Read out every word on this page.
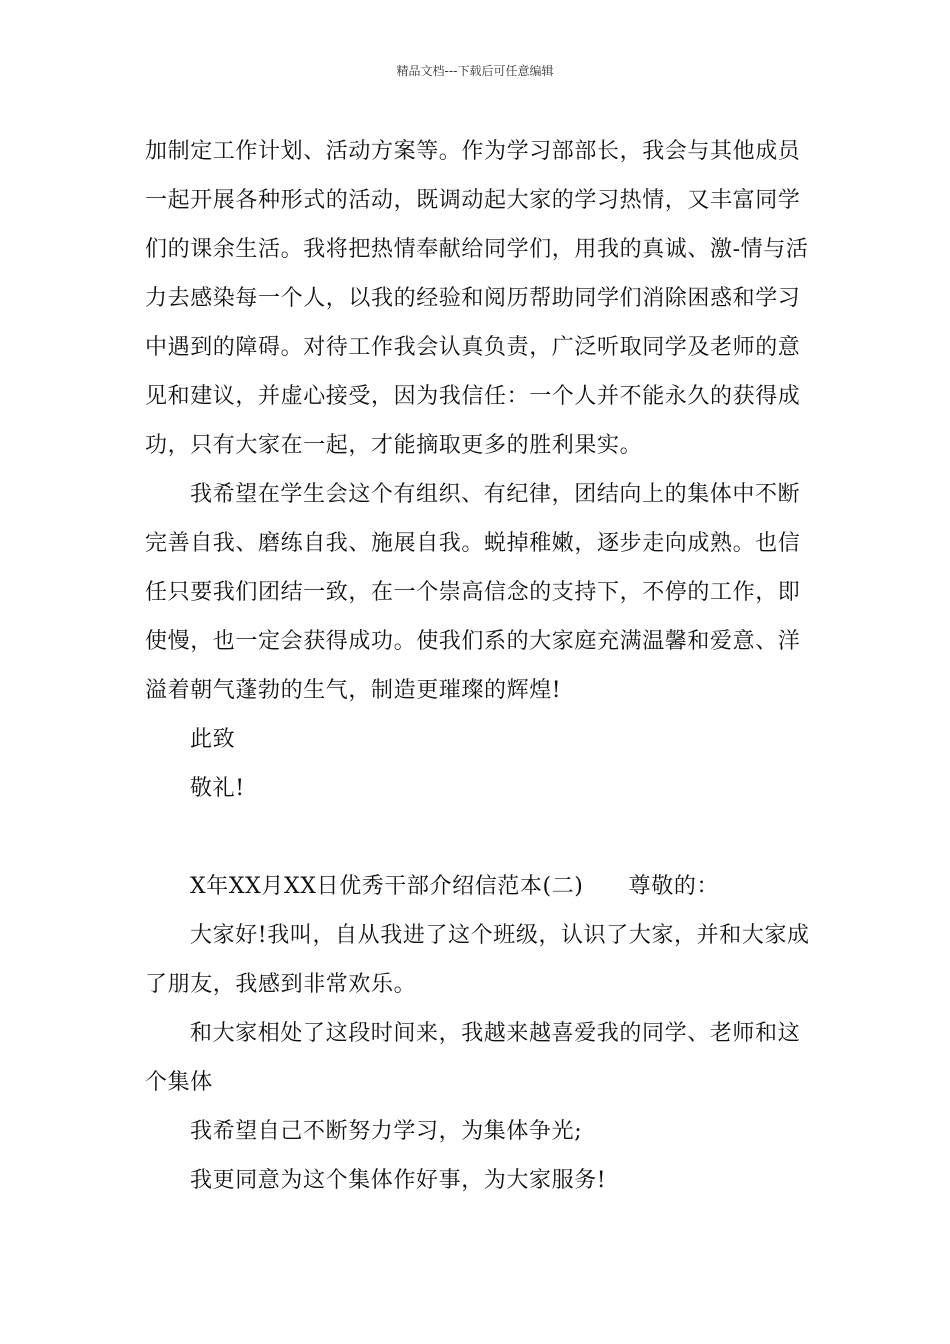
精品文档---下载后可任意编辑

加制定工作计划、活动方案等。作为学习部部长，我会与其他成员一起开展各种形式的活动，既调动起大家的学习热情，又丰富同学们的课余生活。我将把热情奉献给同学们，用我的真诚、激-情与活力去感染每一个人，以我的经验和阅历帮助同学们消除困惑和学习中遇到的障碍。对待工作我会认真负责，广泛听取同学及老师的意见和建议，并虚心接受，因为我信任：一个人并不能永久的获得成功，只有大家在一起，才能摘取更多的胜利果实。

我希望在学生会这个有组织、有纪律，团结向上的集体中不断完善自我、磨练自我、施展自我。蜕掉稚嫩，逐步走向成熟。也信任只要我们团结一致，在一个崇高信念的支持下，不停的工作，即使慢，也一定会获得成功。使我们系的大家庭充满温馨和爱意、洋溢着朝气蓬勃的生气，制造更璀璨的辉煌!

此致

敬礼!

X年XX月XX日优秀干部介绍信范本(二)　　尊敬的：

大家好!我叫，自从我进了这个班级，认识了大家，并和大家成了朋友，我感到非常欢乐。

和大家相处了这段时间来，我越来越喜爱我的同学、老师和这个集体

我希望自己不断努力学习，为集体争光;

我更同意为这个集体作好事，为大家服务!
